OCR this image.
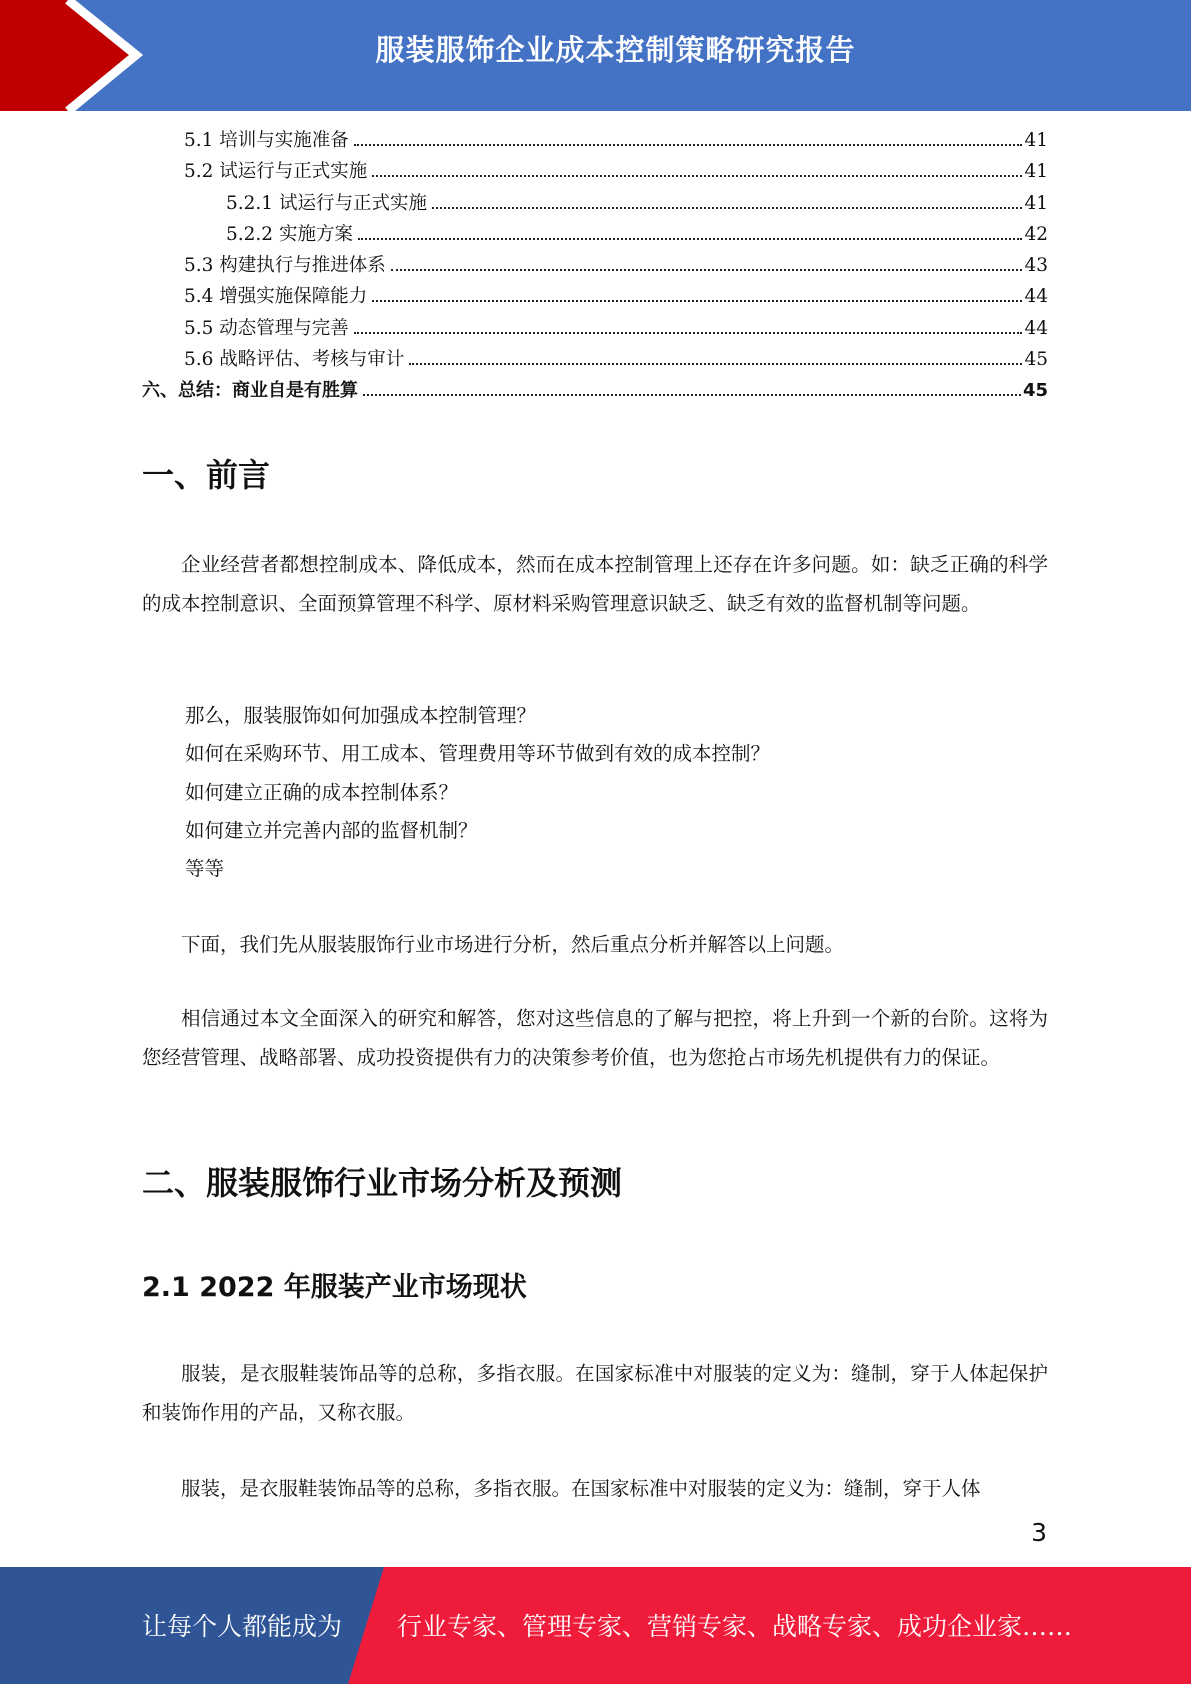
服装服饰企业成本控制策略研究报告
5.1 培训与实施准备	41
5.2 试运行与正式实施	41
5.2.1 试运行与正式实施	41
5.2.2 实施方案	42
5.3 构建执行与推进体系	43
5.4 增强实施保障能力	44
5.5 动态管理与完善	44
5.6 战略评估、考核与审计	45
六、总结：商业自是有胜算	45
一、前言

企业经营者都想控制成本、降低成本，然而在成本控制管理上还存在许多问题。如：缺乏正确的科学的成本控制意识、全面预算管理不科学、原材料采购管理意识缺乏、缺乏有效的监督机制等问题。

那么，服装服饰如何加强成本控制管理？
如何在采购环节、用工成本、管理费用等环节做到有效的成本控制？
如何建立正确的成本控制体系？
如何建立并完善内部的监督机制？
等等

下面，我们先从服装服饰行业市场进行分析，然后重点分析并解答以上问题。

相信通过本文全面深入的研究和解答，您对这些信息的了解与把控，将上升到一个新的台阶。这将为您经营管理、战略部署、成功投资提供有力的决策参考价值，也为您抢占市场先机提供有力的保证。

二、服装服饰行业市场分析及预测
2.1 2022 年服装产业市场现状

服装，是衣服鞋装饰品等的总称，多指衣服。在国家标准中对服装的定义为：缝制，穿于人体起保护和装饰作用的产品，又称衣服。

服装，是衣服鞋装饰品等的总称，多指衣服。在国家标准中对服装的定义为：缝制，穿于人体

3
让每个人都能成为 行业专家、管理专家、营销专家、战略专家、成功企业家……
